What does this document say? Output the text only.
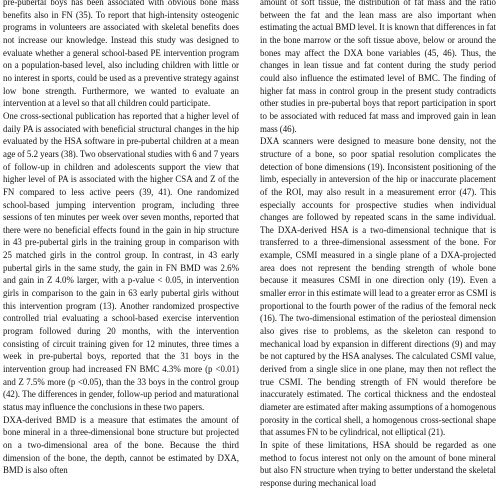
pre-pubertal boys has been associated with obvious bone mass benefits also in FN (35). To report that high-intensity osteogenic programs in volunteers are associated with skeletal benefits does not increase our knowledge. Instead this study was designed to evaluate whether a general school-based PE intervention program on a population-based level, also including children with little or no interest in sports, could be used as a preventive strategy against low bone strength. Furthermore, we wanted to evaluate an intervention at a level so that all children could participate.

One cross-sectional publication has reported that a higher level of daily PA is associated with beneficial structural changes in the hip evaluated by the HSA software in pre-pubertal children at a mean age of 5.2 years (38). Two observational studies with 6 and 7 years of follow-up in children and adolescents support the view that higher level of PA is associated with the higher CSA and Z of the FN compared to less active peers (39, 41). One randomized school-based jumping intervention program, including three sessions of ten minutes per week over seven months, reported that there were no beneficial effects found in the gain in hip structure in 43 pre-pubertal girls in the training group in comparison with 25 matched girls in the control group. In contrast, in 43 early pubertal girls in the same study, the gain in FN BMD was 2.6% and gain in Z 4.0% larger, with a p-value < 0.05, in intervention girls in comparison to the gain in 63 early pubertal girls without this intervention program (13). Another randomized prospective controlled trial evaluating a school-based exercise intervention program followed during 20 months, with the intervention consisting of circuit training given for 12 minutes, three times a week in pre-pubertal boys, reported that the 31 boys in the intervention group had increased FN BMC 4.3% more (p <0.01) and Z 7.5% more (p <0.05), than the 33 boys in the control group (42). The differences in gender, follow-up period and maturational status may influence the conclusions in these two papers.

DXA-derived BMD is a measure that estimates the amount of bone mineral in a three-dimensional bone structure but projected on a two-dimensional area of the bone. Because the third dimension of the bone, the depth, cannot be estimated by DXA, BMD is also often

amount of soft tissue, the distribution of fat mass and the ratio between the fat and the lean mass are also important when estimating the actual BMD level. It is known that differences in fat in the bone marrow or the soft tissue above, below or around the bones may affect the DXA bone variables (45, 46). Thus, the changes in lean tissue and fat content during the study period could also influence the estimated level of BMC. The finding of higher fat mass in control group in the present study contradicts other studies in pre-pubertal boys that report participation in sport to be associated with reduced fat mass and improved gain in lean mass (46).

DXA scanners were designed to measure bone density, not the structure of a bone, so poor spatial resolution complicates the detection of bone dimensions (19). Inconsistent positioning of the limb, especially in anteversion of the hip or inaccurate placement of the ROI, may also result in a measurement error (47). This especially accounts for prospective studies when individual changes are followed by repeated scans in the same individual. The DXA-derived HSA is a two-dimensional technique that is transferred to a three-dimensional assessment of the bone. For example, CSMI measured in a single plane of a DXA-projected area does not represent the bending strength of whole bone because it measures CSMI in one direction only (19). Even a smaller error in this estimate will lead to a greater error as CSMI is proportional to the fourth power of the radius of the femoral neck (16). The two-dimensional estimation of the periosteal dimension also gives rise to problems, as the skeleton can respond to mechanical load by expansion in different directions (9) and may be not captured by the HSA analyses. The calculated CSMI value, derived from a single slice in one plane, may then not reflect the true CSMI. The bending strength of FN would therefore be inaccurately estimated. The cortical thickness and the endosteal diameter are estimated after making assumptions of a homogenous porosity in the cortical shell, a homogenous cross-sectional shape that assumes FN to be cylindrical, not elliptical (21).

In spite of these limitations, HSA should be regarded as one method to focus interest not only on the amount of bone mineral but also FN structure when trying to better understand the skeletal response during mechanical load
